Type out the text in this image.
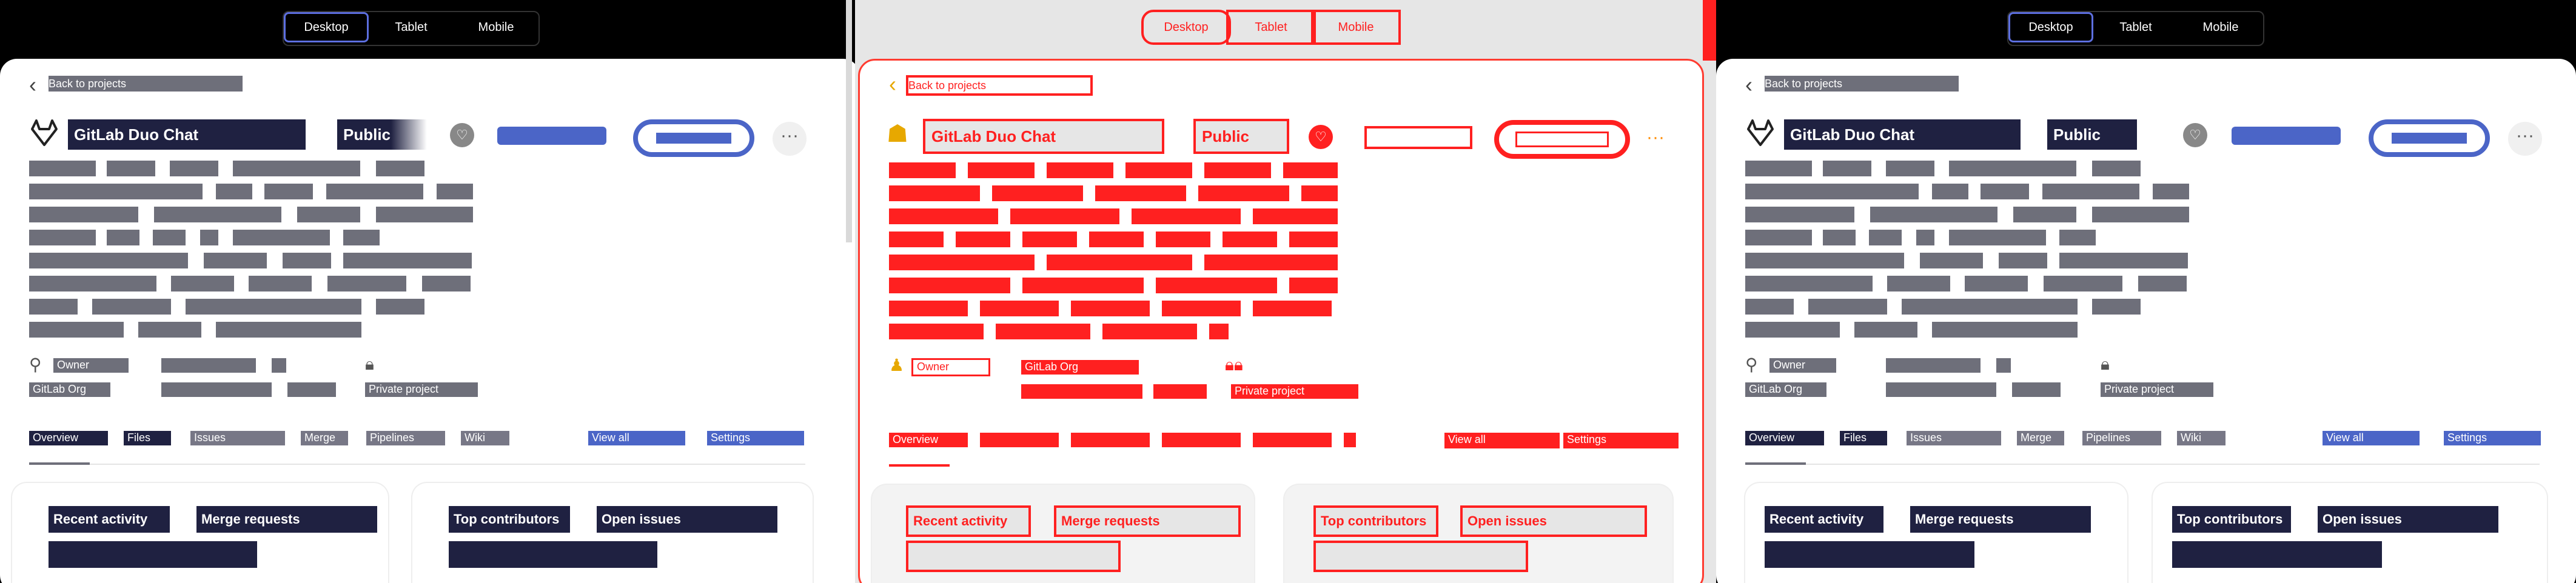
Desktop	Tablet	Mobile
‹ Back to projects
GitLab Duo Chat	Public	♡	···
⚲	Owner
GitLab Org
🔒︎
Private project
Overview	Files	Issues	Merge	Pipelines	Wiki	View all	Settings
Recent activity	Merge requests	Top contributors	Open issues
Desktop	Tablet	Mobile
‹ Back to projects
☗	GitLab Duo Chat	Public	♡	···
♟	Owner	GitLab Org	🔒︎🔒︎
Private project
Overview	View all	Settings
Recent activity	Merge requests	Top contributors	Open issues
Desktop	Tablet	Mobile
‹ Back to projects
GitLab Duo Chat	Public	♡	···
⚲	Owner
GitLab Org
🔒︎
Private project
Overview	Files	Issues	Merge	Pipelines	Wiki	View all	Settings
Recent activity	Merge requests	Top contributors	Open issues
